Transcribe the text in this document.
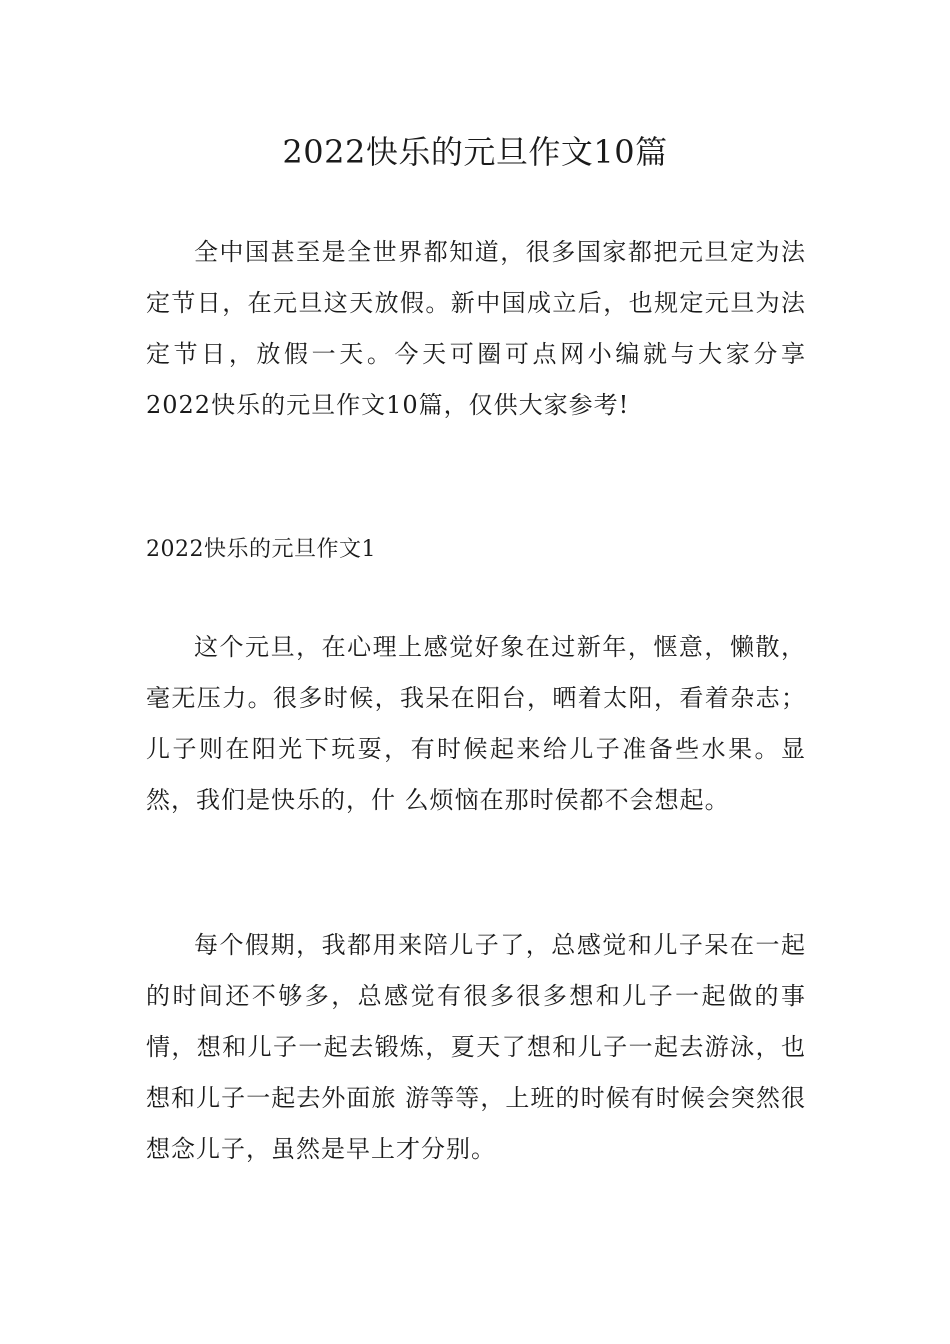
2022快乐的元旦作文10篇

全中国甚至是全世界都知道，很多国家都把元旦定为法定节日，在元旦这天放假。新中国成立后，也规定元旦为法定节日，放假一天。今天可圈可点网小编就与大家分享2022快乐的元旦作文10篇，仅供大家参考!

2022快乐的元旦作文1

这个元旦，在心理上感觉好象在过新年，惬意，懒散，毫无压力。很多时候，我呆在阳台，晒着太阳，看着杂志；儿子则在阳光下玩耍，有时候起来给儿子准备些水果。显然，我们是快乐的，什 么烦恼在那时侯都不会想起。

每个假期，我都用来陪儿子了，总感觉和儿子呆在一起的时间还不够多，总感觉有很多很多想和儿子一起做的事情，想和儿子一起去锻炼，夏天了想和儿子一起去游泳，也想和儿子一起去外面旅 游等等，上班的时候有时候会突然很想念儿子，虽然是早上才分别。
